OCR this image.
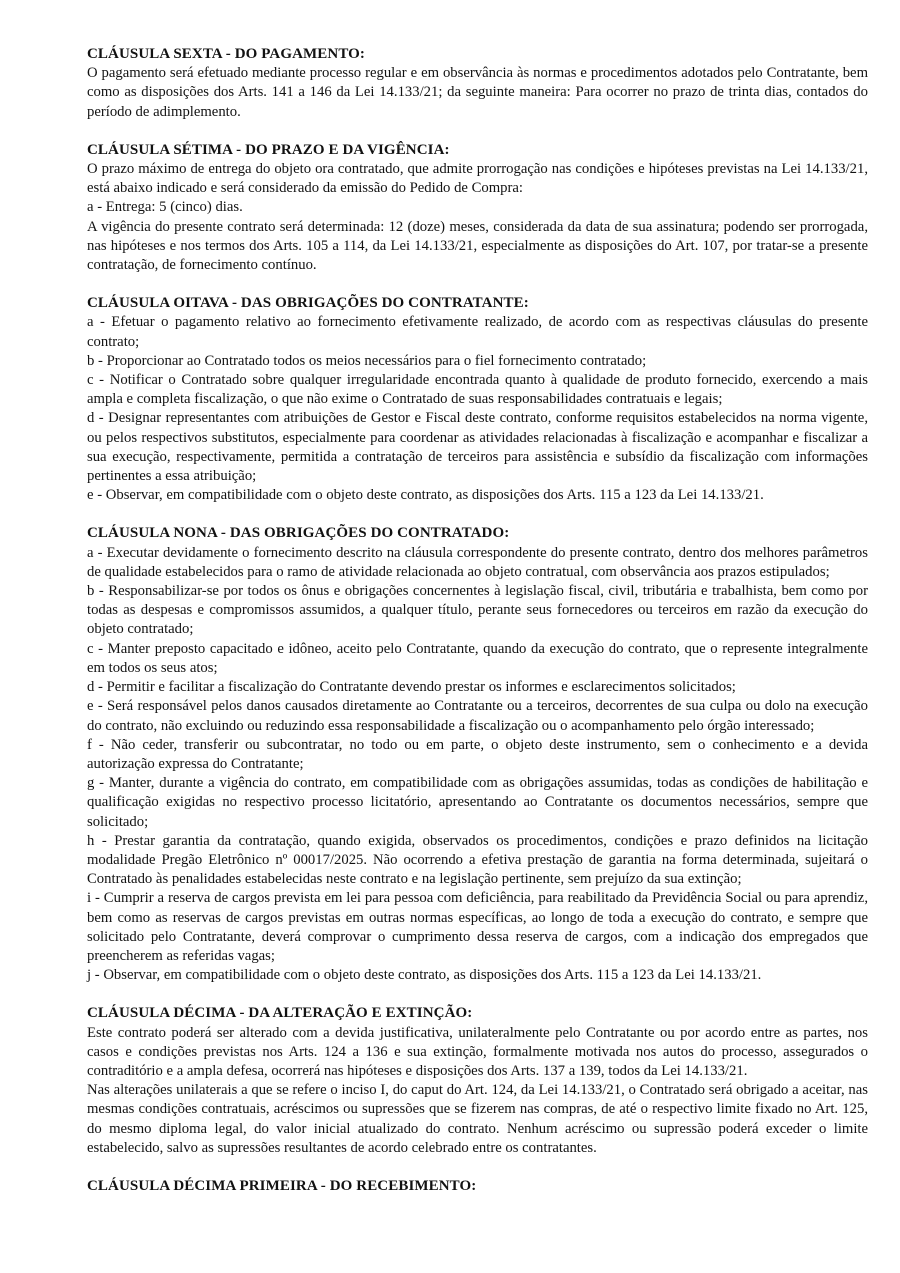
CLÁUSULA SEXTA - DO PAGAMENTO:

O pagamento será efetuado mediante processo regular e em observância às normas e procedimentos adotados pelo Contratante, bem como as disposições dos Arts. 141 a 146 da Lei 14.133/21; da seguinte maneira: Para ocorrer no prazo de trinta dias, contados do período de adimplemento.

CLÁUSULA SÉTIMA - DO PRAZO E DA VIGÊNCIA:

O prazo máximo de entrega do objeto ora contratado, que admite prorrogação nas condições e hipóteses previstas na Lei 14.133/21, está abaixo indicado e será considerado da emissão do Pedido de Compra:

a - Entrega: 5 (cinco) dias.

A vigência do presente contrato será determinada: 12 (doze) meses, considerada da data de sua assinatura; podendo ser prorrogada, nas hipóteses e nos termos dos Arts. 105 a 114, da Lei 14.133/21, especialmente as disposições do Art. 107, por tratar-se a presente contratação, de fornecimento contínuo.

CLÁUSULA OITAVA - DAS OBRIGAÇÕES DO CONTRATANTE:

a - Efetuar o pagamento relativo ao fornecimento efetivamente realizado, de acordo com as respectivas cláusulas do presente contrato;

b - Proporcionar ao Contratado todos os meios necessários para o fiel fornecimento contratado;

c - Notificar o Contratado sobre qualquer irregularidade encontrada quanto à qualidade de produto fornecido, exercendo a mais ampla e completa fiscalização, o que não exime o Contratado de suas responsabilidades contratuais e legais;

d - Designar representantes com atribuições de Gestor e Fiscal deste contrato, conforme requisitos estabelecidos na norma vigente, ou pelos respectivos substitutos, especialmente para coordenar as atividades relacionadas à fiscalização e acompanhar e fiscalizar a sua execução, respectivamente, permitida a contratação de terceiros para assistência e subsídio da fiscalização com informações pertinentes a essa atribuição;

e - Observar, em compatibilidade com o objeto deste contrato, as disposições dos Arts. 115 a 123 da Lei 14.133/21.

CLÁUSULA NONA - DAS OBRIGAÇÕES DO CONTRATADO:

a - Executar devidamente o fornecimento descrito na cláusula correspondente do presente contrato, dentro dos melhores parâmetros de qualidade estabelecidos para o ramo de atividade relacionada ao objeto contratual, com observância aos prazos estipulados;

b - Responsabilizar-se por todos os ônus e obrigações concernentes à legislação fiscal, civil, tributária e trabalhista, bem como por todas as despesas e compromissos assumidos, a qualquer título, perante seus fornecedores ou terceiros em razão da execução do objeto contratado;

c - Manter preposto capacitado e idôneo, aceito pelo Contratante, quando da execução do contrato, que o represente integralmente em todos os seus atos;

d - Permitir e facilitar a fiscalização do Contratante devendo prestar os informes e esclarecimentos solicitados;

e - Será responsável pelos danos causados diretamente ao Contratante ou a terceiros, decorrentes de sua culpa ou dolo na execução do contrato, não excluindo ou reduzindo essa responsabilidade a fiscalização ou o acompanhamento pelo órgão interessado;

f - Não ceder, transferir ou subcontratar, no todo ou em parte, o objeto deste instrumento, sem o conhecimento e a devida autorização expressa do Contratante;

g - Manter, durante a vigência do contrato, em compatibilidade com as obrigações assumidas, todas as condições de habilitação e qualificação exigidas no respectivo processo licitatório, apresentando ao Contratante os documentos necessários, sempre que solicitado;

h - Prestar garantia da contratação, quando exigida, observados os procedimentos, condições e prazo definidos na licitação modalidade Pregão Eletrônico nº 00017/2025. Não ocorrendo a efetiva prestação de garantia na forma determinada, sujeitará o Contratado às penalidades estabelecidas neste contrato e na legislação pertinente, sem prejuízo da sua extinção;

i - Cumprir a reserva de cargos prevista em lei para pessoa com deficiência, para reabilitado da Previdência Social ou para aprendiz, bem como as reservas de cargos previstas em outras normas específicas, ao longo de toda a execução do contrato, e sempre que solicitado pelo Contratante, deverá comprovar o cumprimento dessa reserva de cargos, com a indicação dos empregados que preencherem as referidas vagas;

j - Observar, em compatibilidade com o objeto deste contrato, as disposições dos Arts. 115 a 123 da Lei 14.133/21.

CLÁUSULA DÉCIMA - DA ALTERAÇÃO E EXTINÇÃO:

Este contrato poderá ser alterado com a devida justificativa, unilateralmente pelo Contratante ou por acordo entre as partes, nos casos e condições previstas nos Arts. 124 a 136 e sua extinção, formalmente motivada nos autos do processo, assegurados o contraditório e a ampla defesa, ocorrerá nas hipóteses e disposições dos Arts. 137 a 139, todos da Lei 14.133/21.

Nas alterações unilaterais a que se refere o inciso I, do caput do Art. 124, da Lei 14.133/21, o Contratado será obrigado a aceitar, nas mesmas condições contratuais, acréscimos ou supressões que se fizerem nas compras, de até o respectivo limite fixado no Art. 125, do mesmo diploma legal, do valor inicial atualizado do contrato. Nenhum acréscimo ou supressão poderá exceder o limite estabelecido, salvo as supressões resultantes de acordo celebrado entre os contratantes.

CLÁUSULA DÉCIMA PRIMEIRA - DO RECEBIMENTO:
